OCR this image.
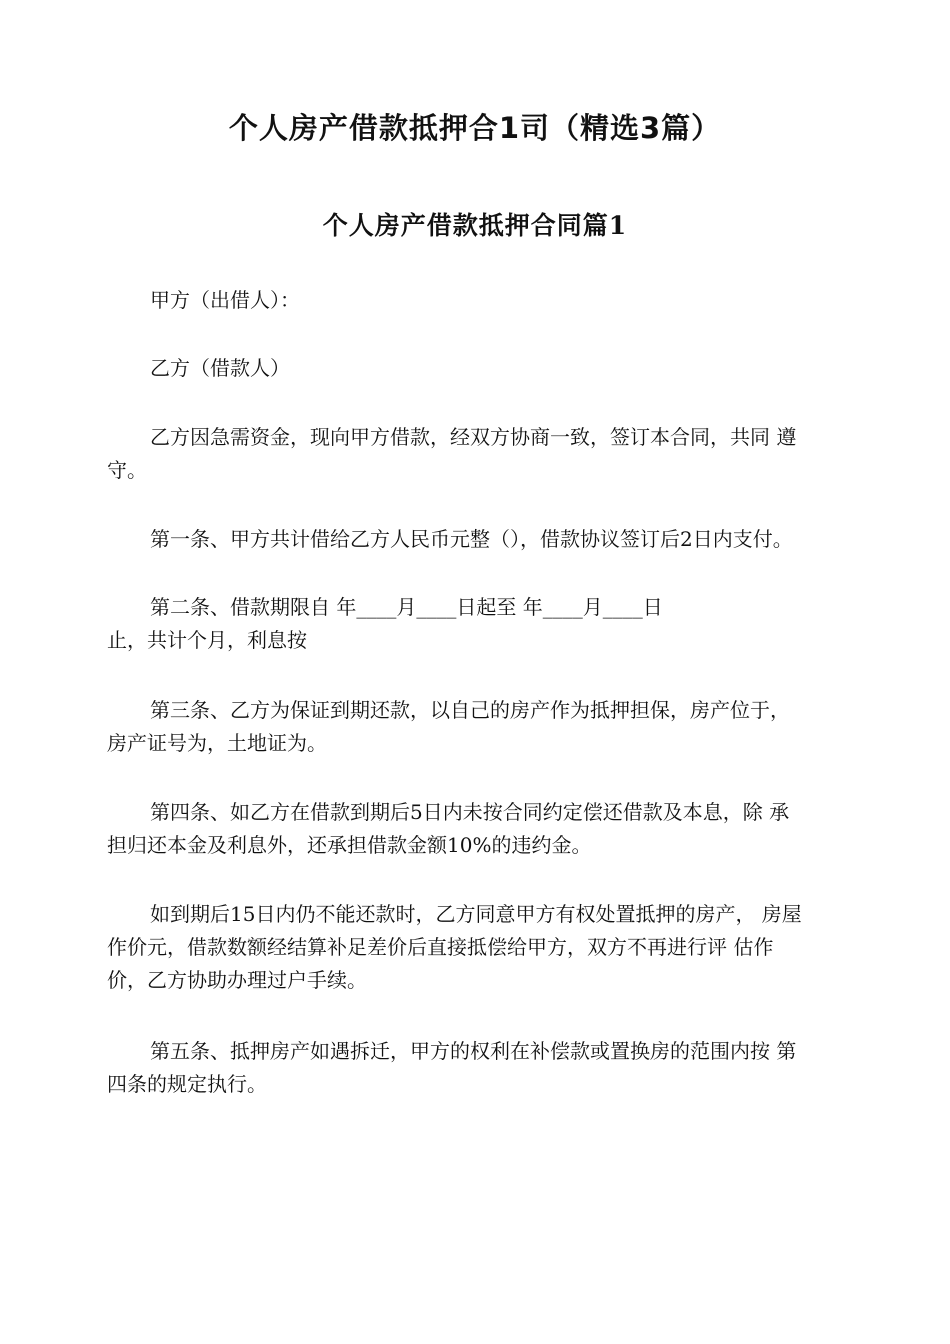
个人房产借款抵押合1司（精选3篇）
个人房产借款抵押合同篇1

甲方（出借人）：

乙方（借款人）

乙方因急需资金，现向甲方借款，经双方协商一致，签订本合同，共同 遵
守。

第一条、甲方共计借给乙方人民币元整（），借款协议签订后2日内支付。

第二条、借款期限自 年____月____日起至 年____月____日
止，共计个月，利息按

第三条、乙方为保证到期还款，以自己的房产作为抵押担保，房产位于，
房产证号为，土地证为。

第四条、如乙方在借款到期后5日内未按合同约定偿还借款及本息，除 承
担归还本金及利息外，还承担借款金额10%的违约金。

如到期后15日内仍不能还款时，乙方同意甲方有权处置抵押的房产， 房屋
作价元，借款数额经结算补足差价后直接抵偿给甲方，双方不再进行评 估作
价，乙方协助办理过户手续。

第五条、抵押房产如遇拆迁，甲方的权利在补偿款或置换房的范围内按 第
四条的规定执行。
